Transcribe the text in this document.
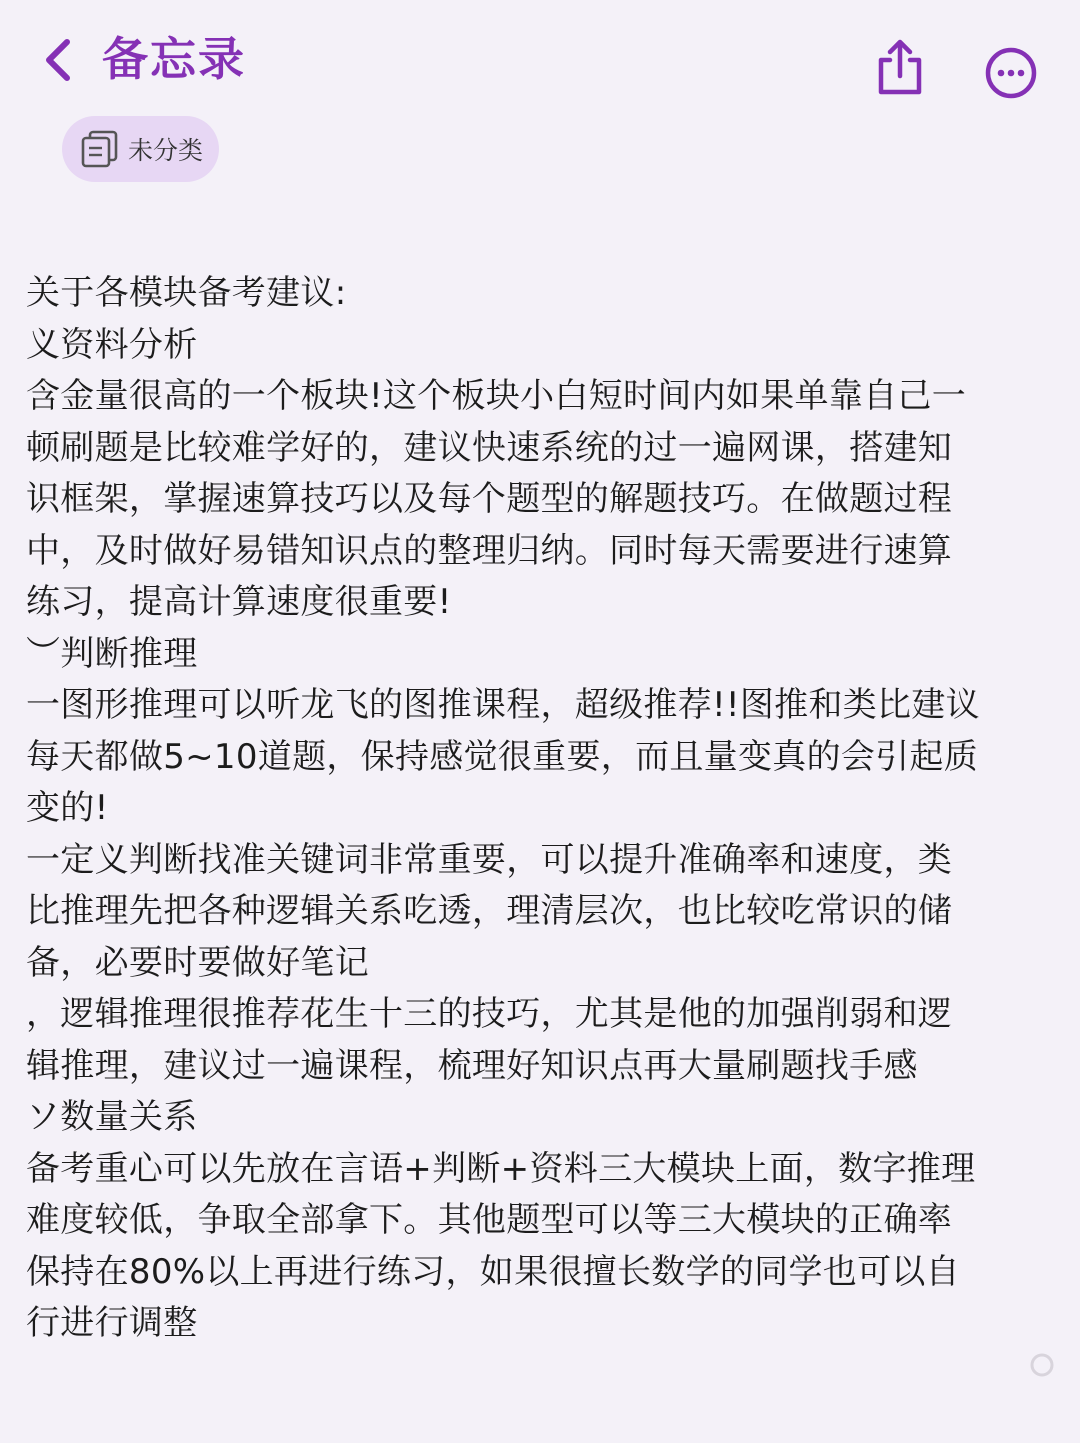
备忘录
未分类
关于各模块备考建议:
义资料分析
含金量很高的一个板块!这个板块小白短时间内如果单靠自己一
顿刷题是比较难学好的，建议快速系统的过一遍网课，搭建知
识框架，掌握速算技巧以及每个题型的解题技巧。在做题过程
中，及时做好易错知识点的整理归纳。同时每天需要进行速算
练习，提高计算速度很重要!
︶判断推理
一图形推理可以听龙飞的图推课程，超级推荐!!图推和类比建议
每天都做5~10道题，保持感觉很重要，而且量变真的会引起质
变的!
一定义判断找准关键词非常重要，可以提升准确率和速度，类
比推理先把各种逻辑关系吃透，理清层次，也比较吃常识的储
备，必要时要做好笔记
，逻辑推理很推荐花生十三的技巧，尤其是他的加强削弱和逻
辑推理，建议过一遍课程，梳理好知识点再大量刷题找手感
ソ数量关系
备考重心可以先放在言语+判断+资料三大模块上面，数字推理
难度较低，争取全部拿下。其他题型可以等三大模块的正确率
保持在80%以上再进行练习，如果很擅长数学的同学也可以自
行进行调整
